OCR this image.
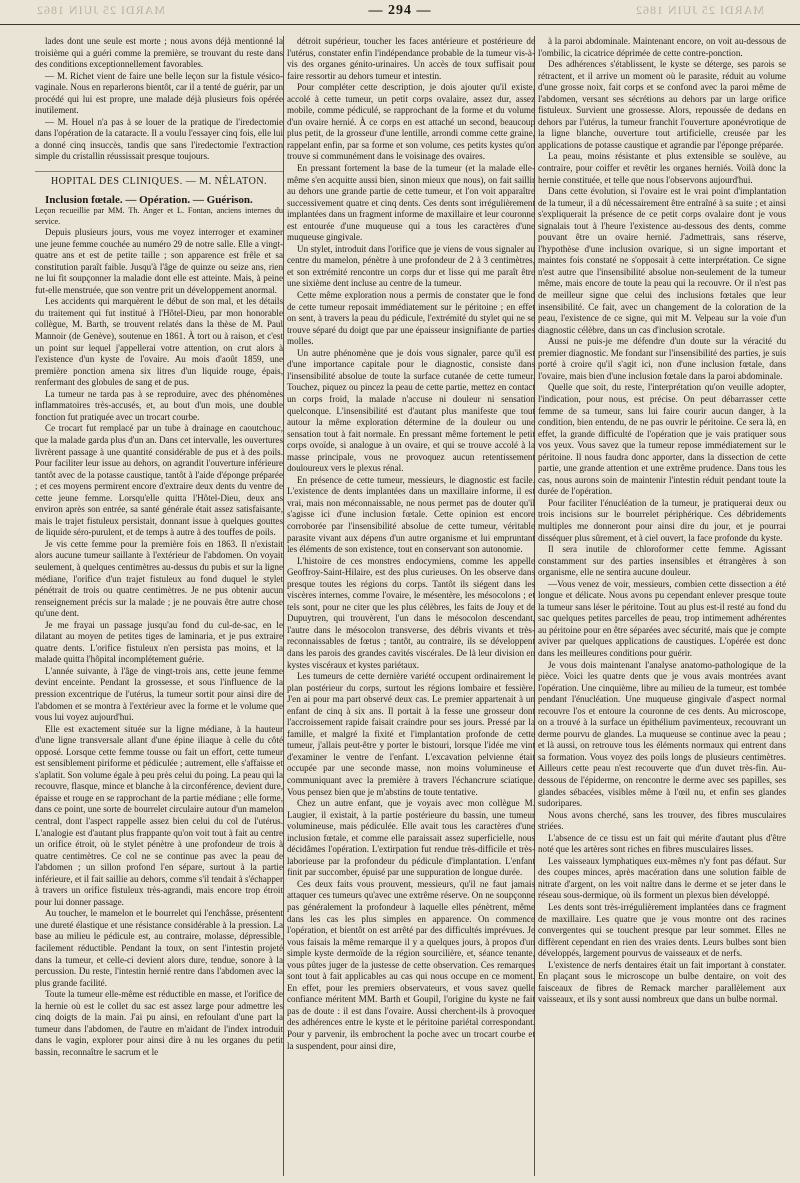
MARDI 25 JUIN 1862	MARDI 25 JUIN 1862
— 294 —

lades dont une seule est morte ; nous avons déjà mentionné la troisième qui a guéri comme la première, se trouvant du reste dans des conditions exceptionnellement favorables.

— M. Richet vient de faire une belle leçon sur la fistule vésico-vaginale. Nous en reparlerons bientôt, car il a tenté de guérir, par un procédé qui lui est propre, une malade déjà plusieurs fois opérée inutilement.

— M. Houel n'a pas à se louer de la pratique de l'iredectomie dans l'opération de la cataracte. Il a voulu l'essayer cinq fois, elle lui a donné cinq insuccès, tandis que sans l'iredectomie l'extraction simple du cristallin réussissait presque toujours.

HOPITAL DES CLINIQUES. — M. NÉLATON.

Inclusion fœtale. — Opération. — Guérison.

Leçon recueillie par MM. Th. Anger et L. Fontan, anciens internes du service.

Depuis plusieurs jours, vous me voyez interroger et examiner une jeune femme couchée au numéro 29 de notre salle. Elle a vingt-quatre ans et est de petite taille ; son apparence est frêle et sa constitution paraît faible. Jusqu'à l'âge de quinze ou seize ans, rien ne lui fit soupçonner la maladie dont elle est atteinte. Mais, à peine fut-elle menstruée, que son ventre prit un développement anormal.

Les accidents qui marquèrent le début de son mal, et les détails du traitement qui fut institué à l'Hôtel-Dieu, par mon honorable collègue, M. Barth, se trouvent relatés dans la thèse de M. Paul Mannoir (de Genève), soutenue en 1861. À tort ou à raison, et c'est un point sur lequel j'appellerai votre attention, on crut alors à l'existence d'un kyste de l'ovaire. Au mois d'août 1859, une première ponction amena six litres d'un liquide rouge, épais, renfermant des globules de sang et de pus.

La tumeur ne tarda pas à se reproduire, avec des phénomènes inflammatoires très-accusés, et, au bout d'un mois, une double fonction fut pratiquée avec un trocart courbe.

Ce trocart fut remplacé par un tube à drainage en caoutchouc, que la malade garda plus d'un an. Dans cet intervalle, les ouvertures livrèrent passage à une quantité considérable de pus et à des poils. Pour faciliter leur issue au dehors, on agrandit l'ouverture inférieure tantôt avec de la potasse caustique, tantôt à l'aide d'éponge préparée ; et ces moyens permirent encore d'extraire deux dents du ventre de cette jeune femme. Lorsqu'elle quitta l'Hôtel-Dieu, deux ans environ après son entrée, sa santé générale était assez satisfaisante, mais le trajet fistuleux persistait, donnant issue à quelques gouttes de liquide séro-purulent, et de temps à autre à des touffes de poils.

Je vis cette femme pour la première fois en 1863. Il n'existait alors aucune tumeur saillante à l'extérieur de l'abdomen. On voyait seulement, à quelques centimètres au-dessus du pubis et sur la ligne médiane, l'orifice d'un trajet fistuleux au fond duquel le stylet pénétrait de trois ou quatre centimètres. Je ne pus obtenir aucun renseignement précis sur la malade ; je ne pouvais être autre chose qu'une dent.

Je me frayai un passage jusqu'au fond du cul-de-sac, en le dilatant au moyen de petites tiges de laminaria, et je pus extraire quatre dents. L'orifice fistuleux n'en persista pas moins, et la malade quitta l'hôpital incomplétement guérie.

L'année suivante, à l'âge de vingt-trois ans, cette jeune femme devint enceinte. Pendant la grossesse, et sous l'influence de la pression excentrique de l'utérus, la tumeur sortit pour ainsi dire de l'abdomen et se montra à l'extérieur avec la forme et le volume que vous lui voyez aujourd'hui.

Elle est exactement située sur la ligne médiane, à la hauteur d'une ligne transversale allant d'une épine iliaque à celle du côté opposé. Lorsque cette femme tousse ou fait un effort, cette tumeur est sensiblement piriforme et pédiculée ; autrement, elle s'affaisse et s'aplatit. Son volume égale à peu près celui du poing. La peau qui la recouvre, flasque, mince et blanche à la circonférence, devient dure, épaisse et rouge en se rapprochant de la partie médiane ; elle forme, dans ce point, une sorte de bourrelet circulaire autour d'un mamelon central, dont l'aspect rappelle assez bien celui du col de l'utérus. L'analogie est d'autant plus frappante qu'on voit tout à fait au centre un orifice étroit, où le stylet pénètre à une profondeur de trois à quatre centimètres. Ce col ne se continue pas avec la peau de l'abdomen ; un sillon profond l'en sépare, surtout à la partie inférieure, et il fait saillie au dehors, comme s'il tendait à s'échapper à travers un orifice fistuleux très-agrandi, mais encore trop étroit pour lui donner passage.

Au toucher, le mamelon et le bourrelet qui l'enchâsse, présentent une dureté élastique et une résistance considérable à la pression. La base au milieu le pédicule est, au contraire, molasse, dépressible, facilement réductible. Pendant la toux, on sent l'intestin projeté dans la tumeur, et celle-ci devient alors dure, tendue, sonore à la percussion. Du reste, l'intestin hernié rentre dans l'abdomen avec la plus grande facilité.

Toute la tumeur elle-même est réductible en masse, et l'orifice de la hernie où est le collet du sac est assez large pour admettre les cinq doigts de la main. J'ai pu ainsi, en refoulant d'une part la tumeur dans l'abdomen, de l'autre en m'aidant de l'index introduit dans le vagin, explorer pour ainsi dire à nu les organes du petit bassin, reconnaître le sacrum et le

détroit supérieur, toucher les faces antérieure et postérieure de l'utérus, constater enfin l'indépendance probable de la tumeur vis-à-vis des organes génito-urinaires. Un accès de toux suffisait pour faire ressortir au dehors tumeur et intestin.

Pour compléter cette description, je dois ajouter qu'il existe, accolé à cette tumeur, un petit corps ovalaire, assez dur, assez mobile, comme pédiculé, se rapprochant de la forme et du volume d'un ovaire hernié. À ce corps en est attaché un second, beaucoup plus petit, de la grosseur d'une lentille, arrondi comme cette graine, rappelant enfin, par sa forme et son volume, ces petits kystes qu'on trouve si communément dans le voisinage des ovaires.

En pressant fortement la base de la tumeur (et la malade elle-même s'en acquitte aussi bien, sinon mieux que nous), on fait saillir au dehors une grande partie de cette tumeur, et l'on voit apparaître successivement quatre et cinq dents. Ces dents sont irrégulièrement implantées dans un fragment informe de maxillaire et leur couronne est entourée d'une muqueuse qui a tous les caractères d'une muqueuse gingivale.

Un stylet, introduit dans l'orifice que je viens de vous signaler au centre du mamelon, pénètre à une profondeur de 2 à 3 centimètres, et son extrémité rencontre un corps dur et lisse qui me paraît être une sixième dent incluse au centre de la tumeur.

Cette même exploration nous a permis de constater que le fond de cette tumeur reposait immédiatement sur le péritoine ; en effet on sent, à travers la peau du pédicule, l'extrémité du stylet qui ne se trouve séparé du doigt que par une épaisseur insignifiante de parties molles.

Un autre phénomène que je dois vous signaler, parce qu'il est d'une importance capitale pour le diagnostic, consiste dans l'insensibilité absolue de toute la surface cutanée de cette tumeur. Touchez, piquez ou pincez la peau de cette partie, mettez en contact un corps froid, la malade n'accuse ni douleur ni sensation quelconque. L'insensibilité est d'autant plus manifeste que tout autour la même exploration détermine de la douleur ou une sensation tout à fait normale. En pressant même fortement le petit corps ovoïde, si analogue à un ovaire, et qui se trouve accolé à la masse principale, vous ne provoquez aucun retentissement douloureux vers le plexus rénal.

En présence de cette tumeur, messieurs, le diagnostic est facile. L'existence de dents implantées dans un maxillaire informe, il est vrai, mais non méconnaissable, ne nous permet pas de douter qu'il s'agisse ici d'une inclusion fœtale. Cette opinion est encore corroborée par l'insensibilité absolue de cette tumeur, véritable parasite vivant aux dépens d'un autre organisme et lui empruntant les éléments de son existence, tout en conservant son autonomie.

L'histoire de ces monstres endocymiens, comme les appelle Geoffroy-Saint-Hilaire, est des plus curieuses. On les observe dans presque toutes les régions du corps. Tantôt ils siégent dans les viscères internes, comme l'ovaire, le mésentère, les mésocolons ; et tels sont, pour ne citer que les plus célèbres, les faits de Jouy et de Dupuytren, qui trouvèrent, l'un dans le mésocolon descendant, l'autre dans le mésocolon transverse, des débris vivants et très-reconnaissables de fœtus ; tantôt, au contraire, ils se développent dans les parois des grandes cavités viscérales. De là leur division en kystes viscéraux et kystes pariétaux.

Les tumeurs de cette dernière variété occupent ordinairement le plan postérieur du corps, surtout les régions lombaire et fessière. J'en ai pour ma part observé deux cas. Le premier appartenait à un enfant de cinq à six ans. Il portait à la fesse une grosseur dont l'accroissement rapide faisait craindre pour ses jours. Pressé par la famille, et malgré la fixité et l'implantation profonde de cette tumeur, j'allais peut-être y porter le bistouri, lorsque l'idée me vint d'examiner le ventre de l'enfant. L'excavation pelvienne était occupée par une seconde masse, non moins volumineuse et communiquant avec la première à travers l'échancrure sciatique. Vous pensez bien que je m'abstins de toute tentative.

Chez un autre enfant, que je voyais avec mon collègue M. Laugier, il existait, à la partie postérieure du bassin, une tumeur volumineuse, mais pédiculée. Elle avait tous les caractères d'une inclusion fœtale, et comme elle paraissait assez superficielle, nous décidâmes l'opération. L'extirpation fut rendue très-difficile et très-laborieuse par la profondeur du pédicule d'implantation. L'enfant finit par succomber, épuisé par une suppuration de longue durée.

Ces deux faits vous prouvent, messieurs, qu'il ne faut jamais attaquer ces tumeurs qu'avec une extrême réserve. On ne soupçonne pas généralement la profondeur à laquelle elles pénètrent, même dans les cas les plus simples en apparence. On commence l'opération, et bientôt on est arrêté par des difficultés imprévues. Je vous faisais la même remarque il y a quelques jours, à propos d'un simple kyste dermoïde de la région sourcilière, et, séance tenante, vous pûtes juger de la justesse de cette observation. Ces remarques sont tout à fait applicables au cas qui nous occupe en ce moment. En effet, pour les premiers observateurs, et vous savez quelle confiance méritent MM. Barth et Goupil, l'origine du kyste ne fait pas de doute : il est dans l'ovaire. Aussi cherchent-ils à provoquer des adhérences entre le kyste et le péritoine pariétal correspondant. Pour y parvenir, ils embrochent la poche avec un trocart courbe et la suspendent, pour ainsi dire,

à la paroi abdominale. Maintenant encore, on voit au-dessous de l'ombilic, la cicatrice déprimée de cette contre-ponction.

Des adhérences s'établissent, le kyste se déterge, ses parois se rétractent, et il arrive un moment où le parasite, réduit au volume d'une grosse noix, fait corps et se confond avec la paroi même de l'abdomen, versant ses sécrétions au dehors par un large orifice fistuleux. Survient une grossesse. Alors, repoussée de dedans en dehors par l'utérus, la tumeur franchit l'ouverture aponévrotique de la ligne blanche, ouverture tout artificielle, creusée par les applications de potasse caustique et agrandie par l'éponge préparée.

La peau, moins résistante et plus extensible se soulève, au contraire, pour coiffer et revêtir les organes herniés. Voilà donc la hernie constituée, et telle que nous l'observons aujourd'hui.

Dans cette évolution, si l'ovaire est le vrai point d'implantation de la tumeur, il a dû nécessairement être entraîné à sa suite ; et ainsi s'expliquerait la présence de ce petit corps ovalaire dont je vous signalais tout à l'heure l'existence au-dessous des dents, comme pouvant être un ovaire hernié. J'admettrais, sans réserve, l'hypothèse d'une inclusion ovarique, si un signe important et maintes fois constaté ne s'opposait à cette interprétation. Ce signe n'est autre que l'insensibilité absolue non-seulement de la tumeur même, mais encore de toute la peau qui la recouvre. Or il n'est pas de meilleur signe que celui des inclusions fœtales que leur insensibilité. Ce fait, avec un changement de la coloration de la peau, l'existence de ce signe, qui mit M. Velpeau sur la voie d'un diagnostic célèbre, dans un cas d'inclusion scrotale.

Aussi ne puis-je me défendre d'un doute sur la véracité du premier diagnostic. Me fondant sur l'insensibilité des parties, je suis porté à croire qu'il s'agit ici, non d'une inclusion fœtale, dans l'ovaire, mais bien d'une inclusion fœtale dans la paroi abdominale.

Quelle que soit, du reste, l'interprétation qu'on veuille adopter, l'indication, pour nous, est précise. On peut débarrasser cette femme de sa tumeur, sans lui faire courir aucun danger, à la condition, bien entendu, de ne pas ouvrir le péritoine. Ce sera là, en effet, la grande difficulté de l'opération que je vais pratiquer sous vos yeux. Vous savez que la tumeur repose immédiatement sur le péritoine. Il nous faudra donc apporter, dans la dissection de cette partie, une grande attention et une extrême prudence. Dans tous les cas, nous aurons soin de maintenir l'intestin réduit pendant toute la durée de l'opération.

Pour faciliter l'énucléation de la tumeur, je pratiquerai deux ou trois incisions sur le bourrelet périphérique. Ces débridements multiples me donneront pour ainsi dire du jour, et je pourrai disséquer plus sûrement, et à ciel ouvert, la face profonde du kyste.

Il sera inutile de chloroformer cette femme. Agissant constamment sur des parties insensibles et étrangères à son organisme, elle ne sentira aucune douleur.

—Vous venez de voir, messieurs, combien cette dissection a été longue et délicate. Nous avons pu cependant enlever presque toute la tumeur sans léser le péritoine. Tout au plus est-il resté au fond du sac quelques petites parcelles de peau, trop intimement adhérentes au péritoine pour en être séparées avec sécurité, mais que je compte aviver par quelques applications de caustiques. L'opérée est donc dans les meilleures conditions pour guérir.

Je vous dois maintenant l'analyse anatomo-pathologique de la pièce. Voici les quatre dents que je vous avais montrées avant l'opération. Une cinquième, libre au milieu de la tumeur, est tombée pendant l'énucléation. Une muqueuse gingivale d'aspect normal recouvre l'os et entoure la couronne de ces dents. Au microscope, on a trouvé à la surface un épithélium pavimenteux, recouvrant un derme pourvu de glandes. La muqueuse se continue avec la peau ; et là aussi, on retrouve tous les éléments normaux qui entrent dans sa formation. Vous voyez des poils longs de plusieurs centimètres. Ailleurs cette peau n'est recouverte que d'un duvet très-fin. Au-dessous de l'épiderme, on rencontre le derme avec ses papilles, ses glandes sébacées, visibles même à l'œil nu, et enfin ses glandes sudoripares.

Nous avons cherché, sans les trouver, des fibres musculaires striées.

L'absence de ce tissu est un fait qui mérite d'autant plus d'être noté que les artères sont riches en fibres musculaires lisses.

Les vaisseaux lymphatiques eux-mêmes n'y font pas défaut. Sur des coupes minces, après macération dans une solution faible de nitrate d'argent, on les voit naître dans le derme et se jeter dans le réseau sous-dermique, où ils forment un plexus bien développé.

Les dents sont très-irrégulièrement implantées dans ce fragment de maxillaire. Les quatre que je vous montre ont des racines convergentes qui se touchent presque par leur sommet. Elles ne diffèrent cependant en rien des vraies dents. Leurs bulbes sont bien développés, largement pourvus de vaisseaux et de nerfs.

L'existence de nerfs dentaires était un fait important à constater. En plaçant sous le microscope un bulbe dentaire, on voit des faisceaux de fibres de Remack marcher parallèlement aux vaisseaux, et ils y sont aussi nombreux que dans un bulbe normal.
